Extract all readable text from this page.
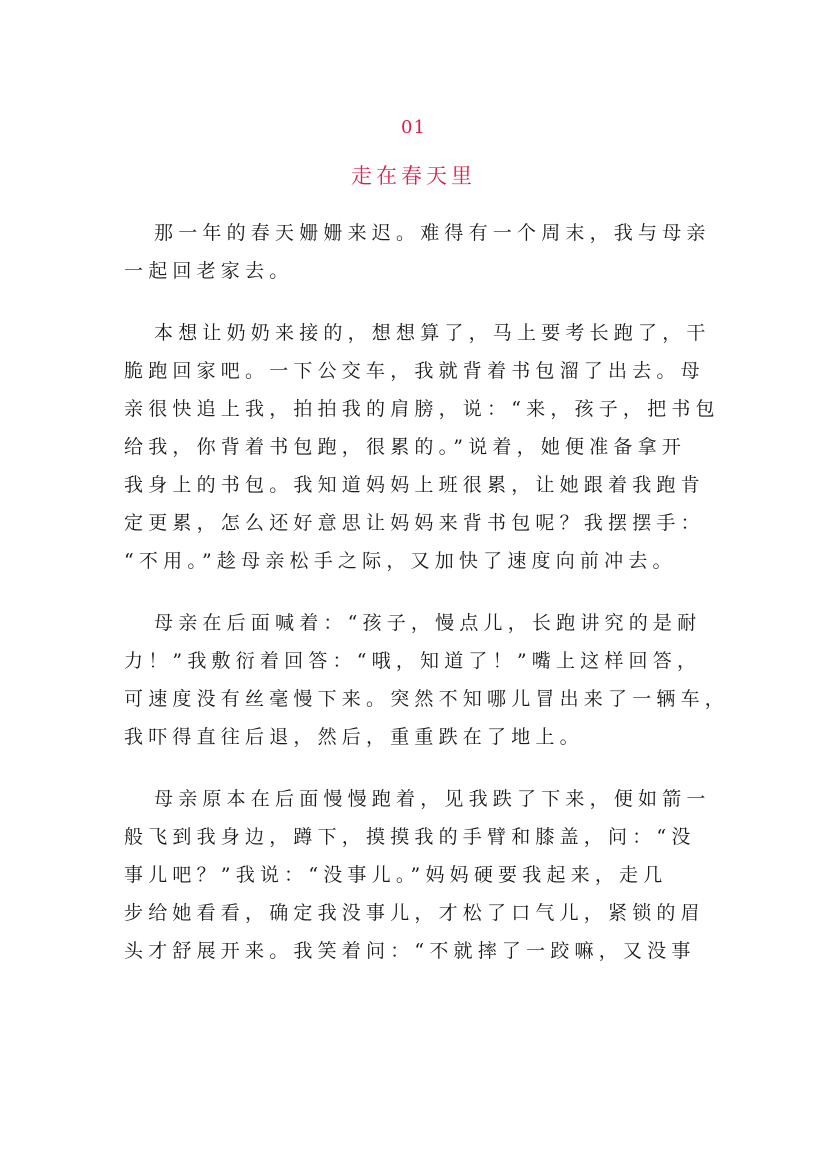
01
走在春天里
那一年的春天姗姗来迟。难得有一个周末，我与母亲
一起回老家去。
本想让奶奶来接的，想想算了，马上要考长跑了，干
脆跑回家吧。一下公交车，我就背着书包溜了出去。母
亲很快追上我，拍拍我的肩膀，说：“来，孩子，把书包
给我，你背着书包跑，很累的。”说着，她便准备拿开
我身上的书包。我知道妈妈上班很累，让她跟着我跑肯
定更累，怎么还好意思让妈妈来背书包呢？我摆摆手：
“不用。”趁母亲松手之际，又加快了速度向前冲去。
母亲在后面喊着：“孩子，慢点儿，长跑讲究的是耐
力！”我敷衍着回答：“哦，知道了！”嘴上这样回答，
可速度没有丝毫慢下来。突然不知哪儿冒出来了一辆车，
我吓得直往后退，然后，重重跌在了地上。
母亲原本在后面慢慢跑着，见我跌了下来，便如箭一
般飞到我身边，蹲下，摸摸我的手臂和膝盖，问：“没
事儿吧？”我说：“没事儿。”妈妈硬要我起来，走几
步给她看看，确定我没事儿，才松了口气儿，紧锁的眉
头才舒展开来。我笑着问：“不就摔了一跤嘛，又没事
